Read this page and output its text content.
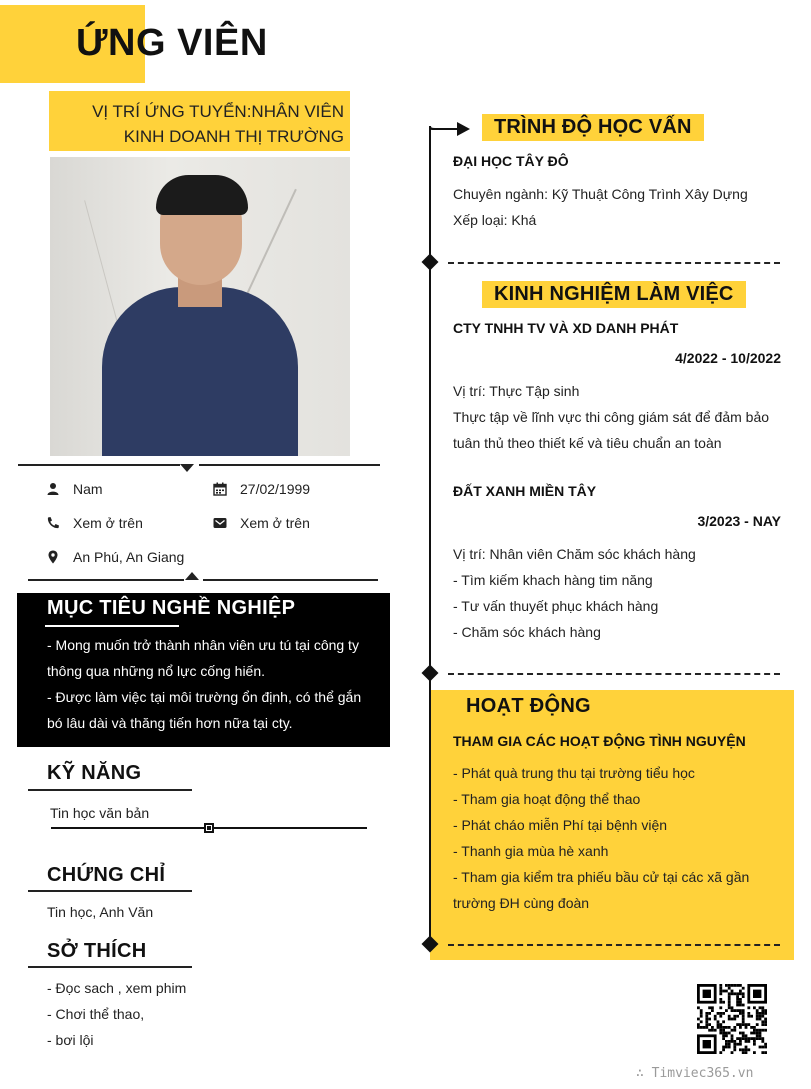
ỨNG VIÊN
VỊ TRÍ ỨNG TUYỂN:NHÂN VIÊN
KINH DOANH THỊ TRƯỜNG
Nam	27/02/1999
Xem ở trên	Xem ở trên
An Phú, An Giang
MỤC TIÊU NGHỀ NGHIỆP
- Mong muốn trở thành nhân viên ưu tú tại công ty
thông qua những nổ lực cống hiến.
- Được làm việc tại môi trường ổn định, có thể gắn
bó lâu dài và thăng tiến hơn nữa tại cty.
KỸ NĂNG
Tin học văn bản
CHỨNG CHỈ
Tin học, Anh Văn
SỞ THÍCH
- Đọc sach , xem phim
- Chơi thể thao,
- bơi lội
TRÌNH ĐỘ HỌC VẤN
ĐẠI HỌC TÂY ĐÔ
Chuyên ngành: Kỹ Thuật Công Trình Xây Dựng
Xếp loại: Khá
KINH NGHIỆM LÀM VIỆC
CTY TNHH TV VÀ XD DANH PHÁT
4/2022 - 10/2022
Vị trí: Thực Tập sinh
Thực tập về lĩnh vực thi công giám sát để đảm bảo
tuân thủ theo thiết kế và tiêu chuẩn an toàn
ĐẤT XANH MIỀN TÂY
3/2023 - NAY
Vị trí: Nhân viên Chăm sóc khách hàng
- Tìm kiếm khach hàng tim năng
- Tư vấn thuyết phục khách hàng
- Chăm sóc khách hàng
HOẠT ĐỘNG
THAM GIA CÁC HOẠT ĐỘNG TÌNH NGUYỆN
- Phát quà trung thu tại trường tiểu học
- Tham gia hoạt động thể thao
- Phát cháo miễn Phí tại bệnh viện
- Thanh gia mùa hè xanh
- Tham gia kiểm tra phiếu bầu cử tại các xã gần
trường ĐH cùng đoàn
∴ Timviec365.vn
